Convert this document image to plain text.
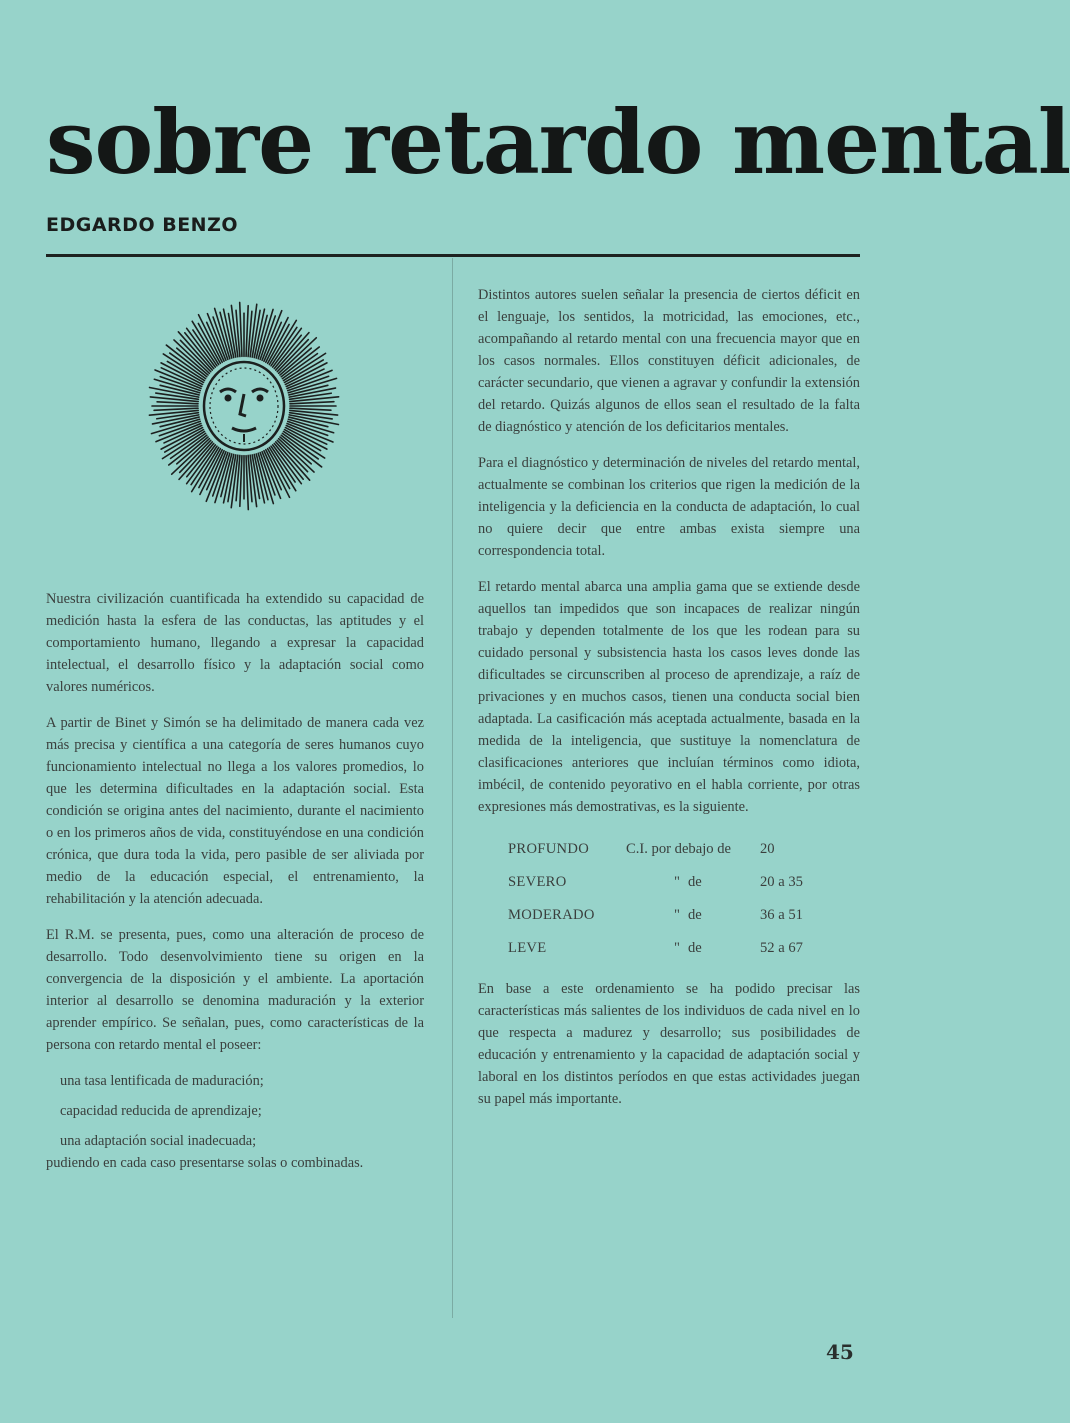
sobre retardo mental
EDGARDO BENZO

Nuestra civilización cuantificada ha extendido su capacidad de medición hasta la esfera de las conductas, las aptitudes y el comportamiento humano, llegando a expresar la capacidad intelectual, el desarrollo físico y la adaptación social como valores numéricos.

A partir de Binet y Simón se ha delimitado de manera cada vez más precisa y científica a una categoría de seres humanos cuyo funcionamiento intelectual no llega a los valores promedios, lo que les determina dificultades en la adaptación social. Esta condición se origina antes del nacimiento, durante el nacimiento o en los primeros años de vida, constituyéndose en una condición crónica, que dura toda la vida, pero pasible de ser aliviada por medio de la educación especial, el entrenamiento, la rehabilitación y la atención adecuada.

El R.M. se presenta, pues, como una alteración de proceso de desarrollo. Todo desenvolvimiento tiene su origen en la convergencia de la disposición y el ambiente. La aportación interior al desarrollo se denomina maduración y la exterior aprender empírico. Se señalan, pues, como características de la persona con retardo mental el poseer:

una tasa lentificada de maduración;
capacidad reducida de aprendizaje;
una adaptación social inadecuada;
pudiendo en cada caso presentarse solas o combinadas.

Distintos autores suelen señalar la presencia de ciertos déficit en el lenguaje, los sentidos, la motricidad, las emociones, etc., acompañando al retardo mental con una frecuencia mayor que en los casos normales. Ellos constituyen déficit adicionales, de carácter secundario, que vienen a agravar y confundir la extensión del retardo. Quizás algunos de ellos sean el resultado de la falta de diagnóstico y atención de los deficitarios mentales.

Para el diagnóstico y determinación de niveles del retardo mental, actualmente se combinan los criterios que rigen la medición de la inteligencia y la deficiencia en la conducta de adaptación, lo cual no quiere decir que entre ambas exista siempre una correspondencia total.

El retardo mental abarca una amplia gama que se extiende desde aquellos tan impedidos que son incapaces de realizar ningún trabajo y dependen totalmente de los que les rodean para su cuidado personal y subsistencia hasta los casos leves donde las dificultades se circunscriben al proceso de aprendizaje, a raíz de privaciones y en muchos casos, tienen una conducta social bien adaptada. La casificación más aceptada actualmente, basada en la medida de la inteligencia, que sustituye la nomenclatura de clasificaciones anteriores que incluían términos como idiota, imbécil, de contenido peyorativo en el habla corriente, por otras expresiones más demostrativas, es la siguiente.

PROFUNDO	C.I. por debajo de		20
SEVERO	"	de	20 a 35
MODERADO	"	de	36 a 51
LEVE	"	de	52 a 67

En base a este ordenamiento se ha podido precisar las características más salientes de los individuos de cada nivel en lo que respecta a madurez y desarrollo; sus posibilidades de educación y entrenamiento y la capacidad de adaptación social y laboral en los distintos períodos en que estas actividades juegan su papel más importante.

45
